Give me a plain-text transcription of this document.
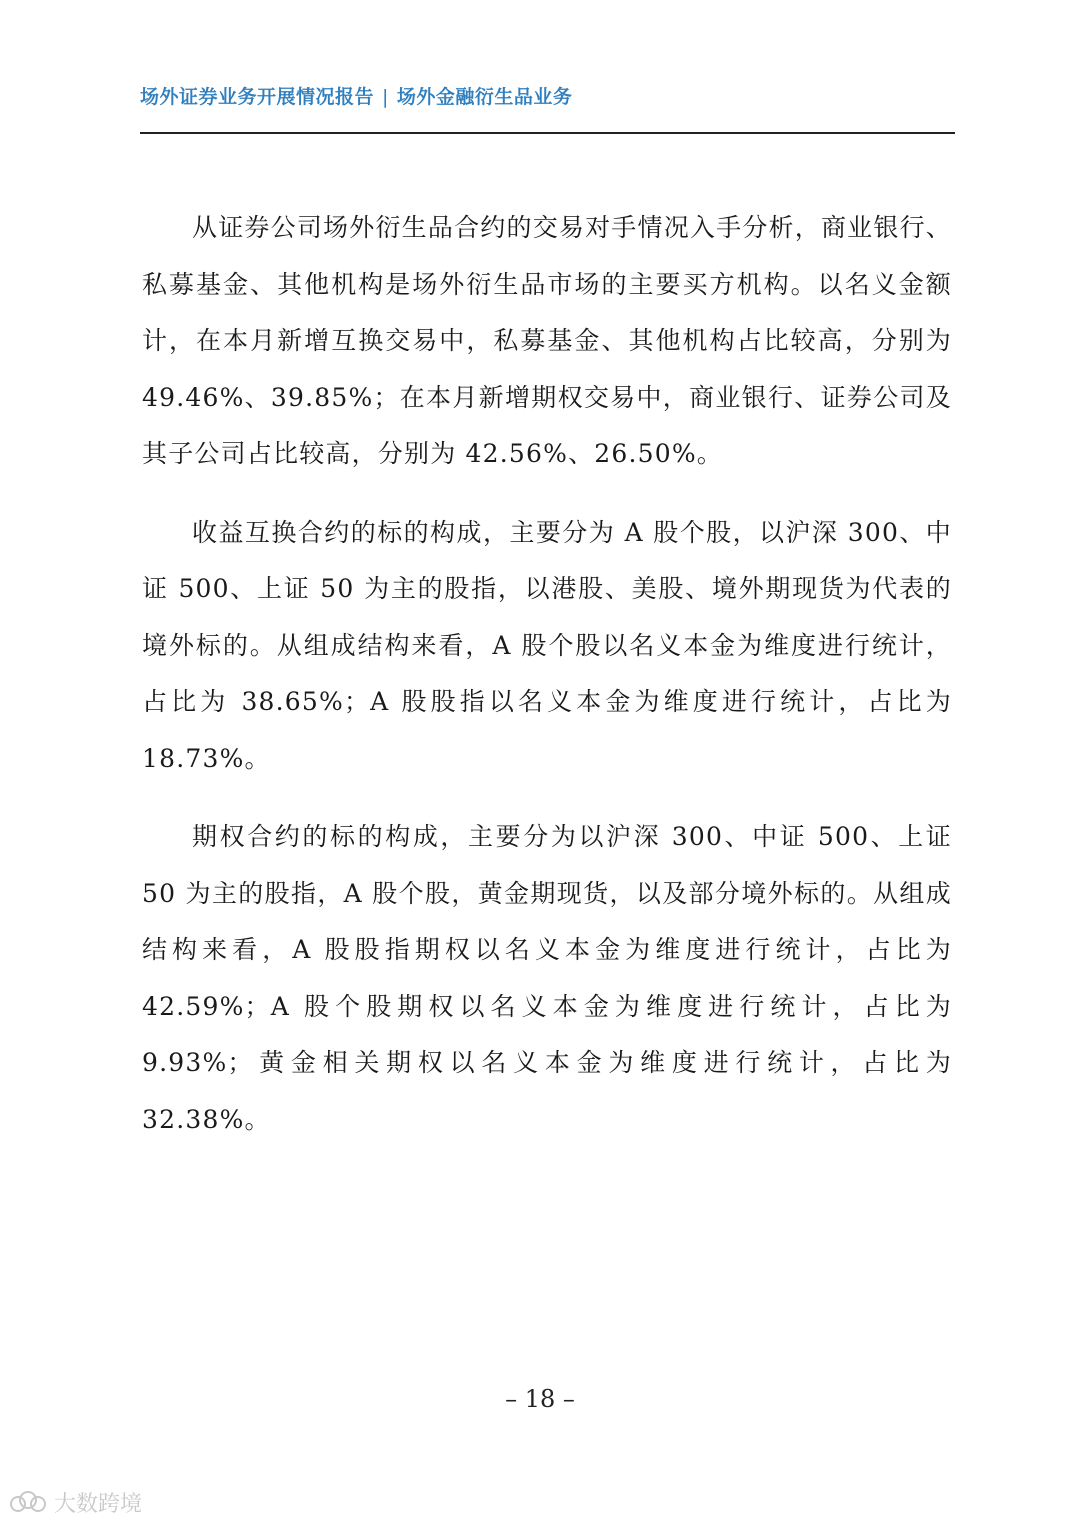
场外证券业务开展情况报告 | 场外金融衍生品业务

从证券公司场外衍生品合约的交易对手情况入手分析，商业银行、私募基金、其他机构是场外衍生品市场的主要买方机构。以名义金额计，在本月新增互换交易中，私募基金、其他机构占比较高，分别为 49.46%、39.85%；在本月新增期权交易中，商业银行、证券公司及其子公司占比较高，分别为 42.56%、26.50%。

收益互换合约的标的构成，主要分为 A 股个股，以沪深 300、中证 500、上证 50 为主的股指，以港股、美股、境外期现货为代表的境外标的。从组成结构来看，A 股个股以名义本金为维度进行统计，占比为 38.65%；A 股股指以名义本金为维度进行统计，占比为 18.73%。

期权合约的标的构成，主要分为以沪深 300、中证 500、上证 50 为主的股指，A 股个股，黄金期现货，以及部分境外标的。从组成结构来看，A 股股指期权以名义本金为维度进行统计，占比为 42.59%；A 股个股期权以名义本金为维度进行统计，占比为 9.93%；黄金相关期权以名义本金为维度进行统计，占比为 32.38%。

– 18 –
大数跨境
